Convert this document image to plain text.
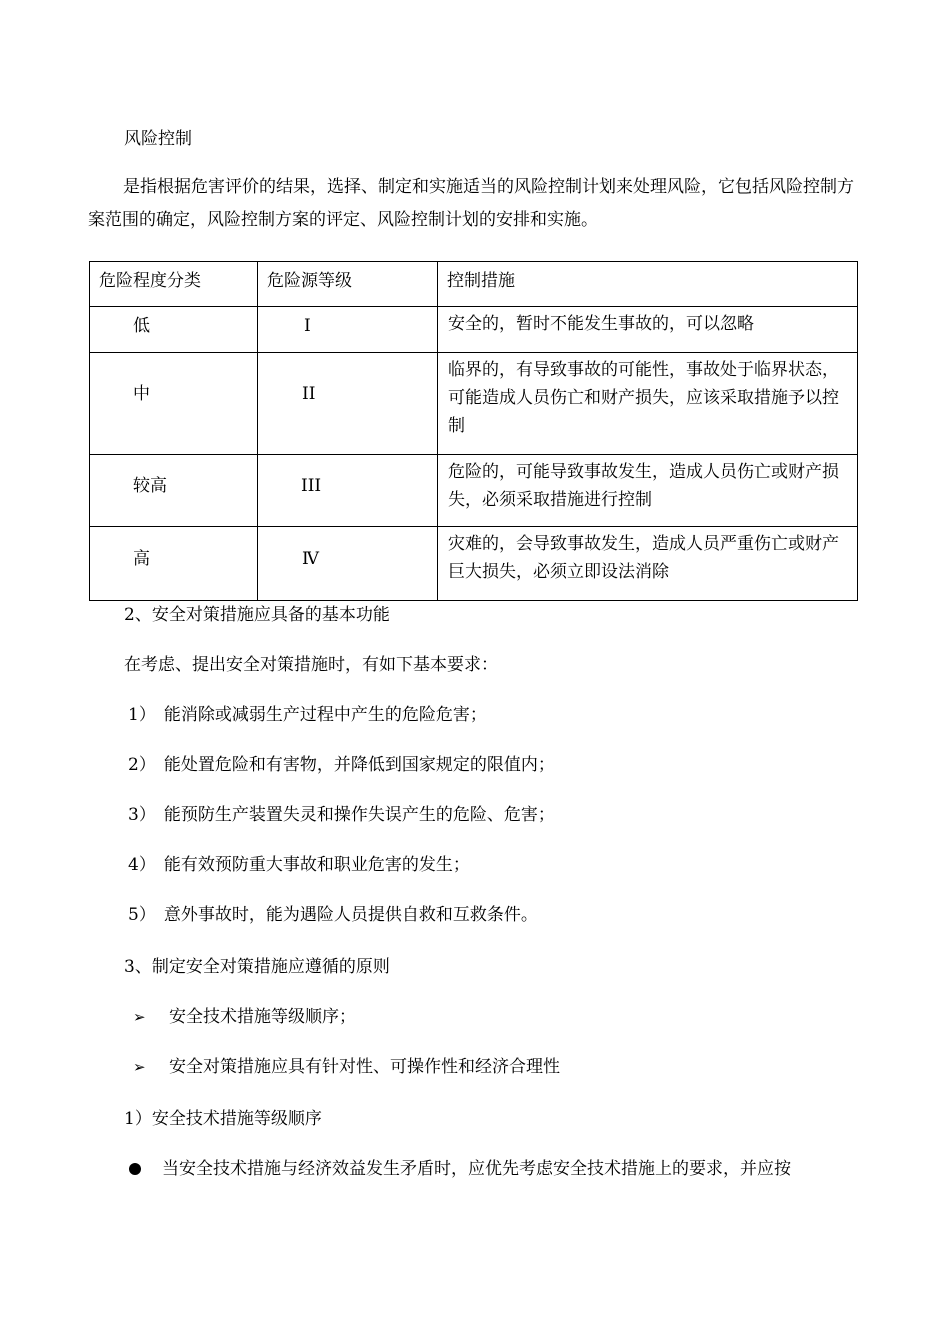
风险控制
是指根据危害评价的结果，选择、制定和实施适当的风险控制计划来处理风险，它包括风险控制方案范围的确定，风险控制方案的评定、风险控制计划的安排和实施。
危险程度分类	危险源等级	控制措施

低	I	安全的，暂时不能发生事故的，可以忽略

中	II	临界的，有导致事故的可能性，事故处于临界状态，可能造成人员伤亡和财产损失，应该采取措施予以控制

较高	III	危险的，可能导致事故发生，造成人员伤亡或财产损失，必须采取措施进行控制

高	Ⅳ	灾难的，会导致事故发生，造成人员严重伤亡或财产巨大损失，必须立即设法消除
2、安全对策措施应具备的基本功能
在考虑、提出安全对策措施时，有如下基本要求：
1） 能消除或减弱生产过程中产生的危险危害；
2） 能处置危险和有害物，并降低到国家规定的限值内；
3） 能预防生产装置失灵和操作失误产生的危险、危害；
4） 能有效预防重大事故和职业危害的发生；
5） 意外事故时，能为遇险人员提供自救和互救条件。
3、制定安全对策措施应遵循的原则
➢ 安全技术措施等级顺序；
➢ 安全对策措施应具有针对性、可操作性和经济合理性
1）安全技术措施等级顺序
当安全技术措施与经济效益发生矛盾时，应优先考虑安全技术措施上的要求，并应按
